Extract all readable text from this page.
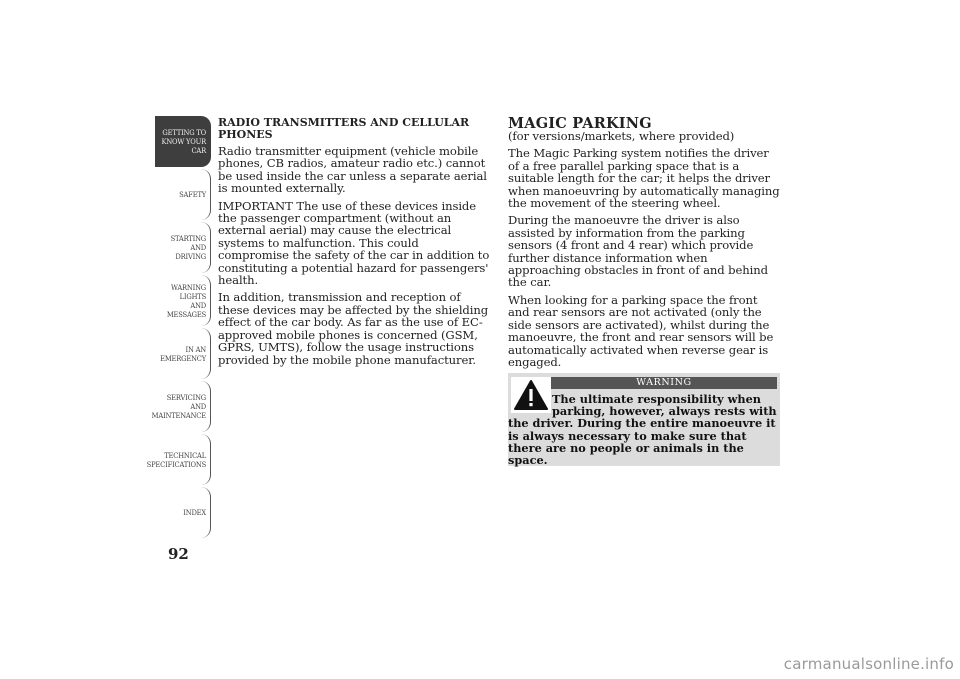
GETTING TO
KNOW YOUR CAR
SAFETY
STARTING AND
DRIVING
WARNING LIGHTS
AND MESSAGES
IN AN EMERGENCY
SERVICING AND
MAINTENANCE
TECHNICAL
SPECIFICATIONS
INDEX
92
RADIO TRANSMITTERS AND CELLULAR PHONES

Radio transmitter equipment (vehicle mobile phones, CB radios, amateur radio etc.) cannot be used inside the car unless a separate aerial is mounted externally.

IMPORTANT The use of these devices inside the passenger compartment (without an external aerial) may cause the electrical systems to malfunction. This could compromise the safety of the car in addition to constituting a potential hazard for passengers' health.

In addition, transmission and reception of these devices may be affected by the shielding effect of the car body. As far as the use of EC-approved mobile phones is concerned (GSM, GPRS, UMTS), follow the usage instructions provided by the mobile phone manufacturer.

MAGIC PARKING

(for versions/markets, where provided)

The Magic Parking system notifies the driver of a free parallel parking space that is a suitable length for the car; it helps the driver when manoeuvring by automatically managing the movement of the steering wheel.

During the manoeuvre the driver is also assisted by information from the parking sensors (4 front and 4 rear) which provide further distance information when approaching obstacles in front of and behind the car.

When looking for a parking space the front and rear sensors are not activated (only the side sensors are activated), whilst during the manoeuvre, the front and rear sensors will be automatically activated when reverse gear is engaged.

WARNING
The ultimate responsibility when
parking, however, always rests with
the driver. During the entire manoeuvre it is always necessary to make sure that there are no people or animals in the space.
carmanualsonline.info
